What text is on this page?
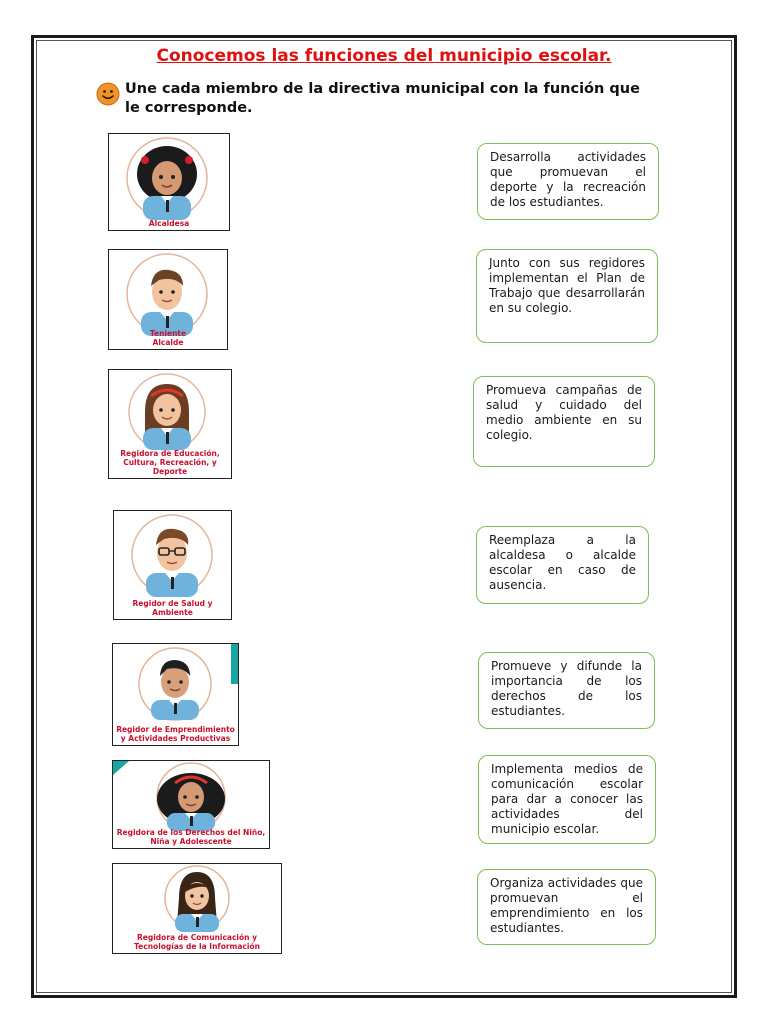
Conocemos las funciones del municipio escolar.
Une cada miembro de la directiva municipal con la función que le corresponde.
Alcaldesa
Teniente Alcalde
Regidora de Educación, Cultura, Recreación, y Deporte
Regidor de Salud y Ambiente
Regidor de Emprendimiento y Actividades Productivas
Regidora de los Derechos del Niño, Niña y Adolescente
Regidora de Comunicación y Tecnologías de la Información
Desarrolla actividades que promuevan el deporte y la recreación de los estudiantes.
Junto con sus regidores implementan el Plan de Trabajo que desarrollarán en su colegio.
Promueva campañas de salud y cuidado del medio ambiente en su colegio.
Reemplaza a la alcaldesa o alcalde escolar en caso de ausencia.
Promueve y difunde la importancia de los derechos de los estudiantes.
Implementa medios de comunicación escolar para dar a conocer las actividades del municipio escolar.
Organiza actividades que promuevan el emprendimiento en los estudiantes.
